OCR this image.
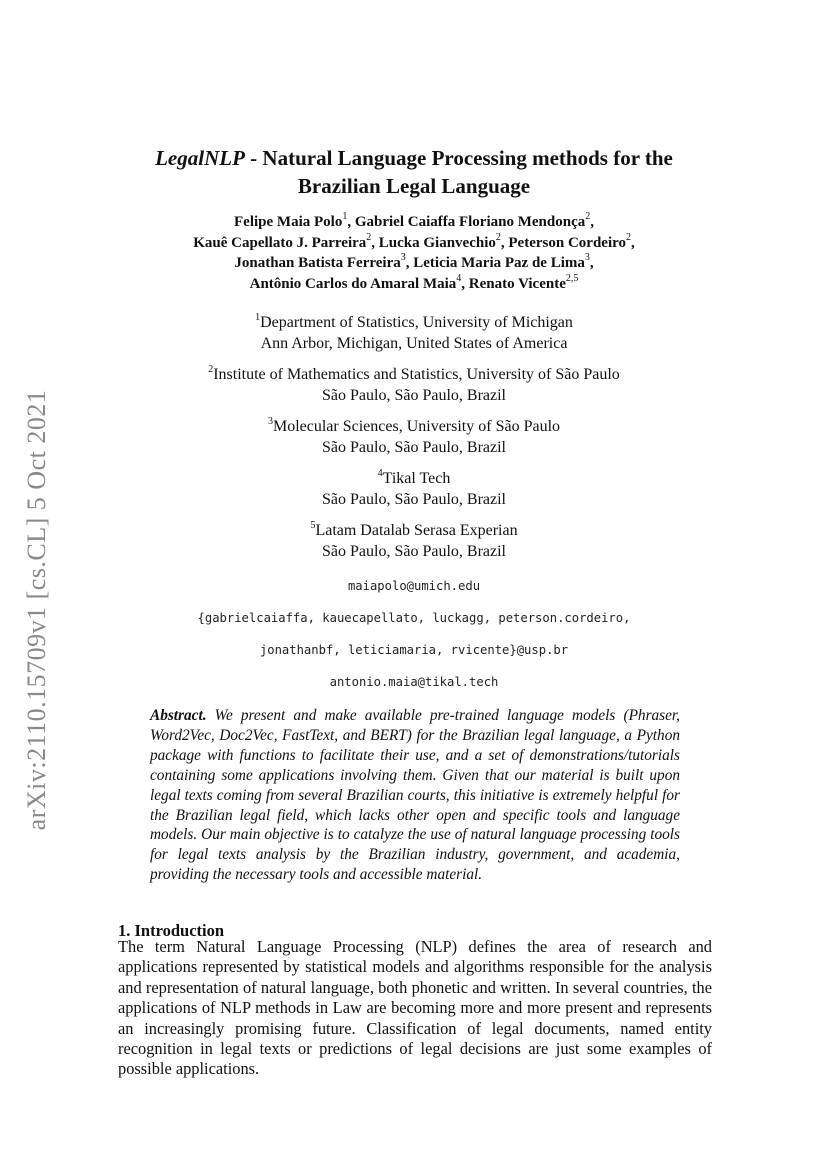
arXiv:2110.15709v1 [cs.CL] 5 Oct 2021
LegalNLP - Natural Language Processing methods for the
Brazilian Legal Language
Felipe Maia Polo$^1$, Gabriel Caiaffa Floriano Mendonça$^2$,
Kauê Capellato J. Parreira$^2$, Lucka Gianvechio$^2$, Peterson Cordeiro$^2$,
Jonathan Batista Ferreira$^3$, Leticia Maria Paz de Lima$^3$,
Antônio Carlos do Amaral Maia$^4$, Renato Vicente$^{2,5}$
$^1$Department of Statistics, University of Michigan
Ann Arbor, Michigan, United States of America
$^2$Institute of Mathematics and Statistics, University of São Paulo
São Paulo, São Paulo, Brazil
$^3$Molecular Sciences, University of São Paulo
São Paulo, São Paulo, Brazil
$^4$Tikal Tech
São Paulo, São Paulo, Brazil
$^5$Latam Datalab Serasa Experian
São Paulo, São Paulo, Brazil
maiapolo@umich.edu
{gabrielcaiaffa, kauecapellato, luckagg, peterson.cordeiro,
jonathanbf, leticiamaria, rvicente}@usp.br
antonio.maia@tikal.tech
Abstract. We present and make available pre-trained language models (Phraser, Word2Vec, Doc2Vec, FastText, and BERT) for the Brazilian legal language, a Python package with functions to facilitate their use, and a set of demonstrations/tutorials containing some applications involving them. Given that our material is built upon legal texts coming from several Brazilian courts, this initiative is extremely helpful for the Brazilian legal field, which lacks other open and specific tools and language models. Our main objective is to catalyze the use of natural language processing tools for legal texts analysis by the Brazilian industry, government, and academia, providing the necessary tools and accessible material.
1. Introduction
The term Natural Language Processing (NLP) defines the area of research and applications represented by statistical models and algorithms responsible for the analysis and representation of natural language, both phonetic and written. In several countries, the applications of NLP methods in Law are becoming more and more present and represents an increasingly promising future. Classification of legal documents, named entity recognition in legal texts or predictions of legal decisions are just some examples of possible applications.
